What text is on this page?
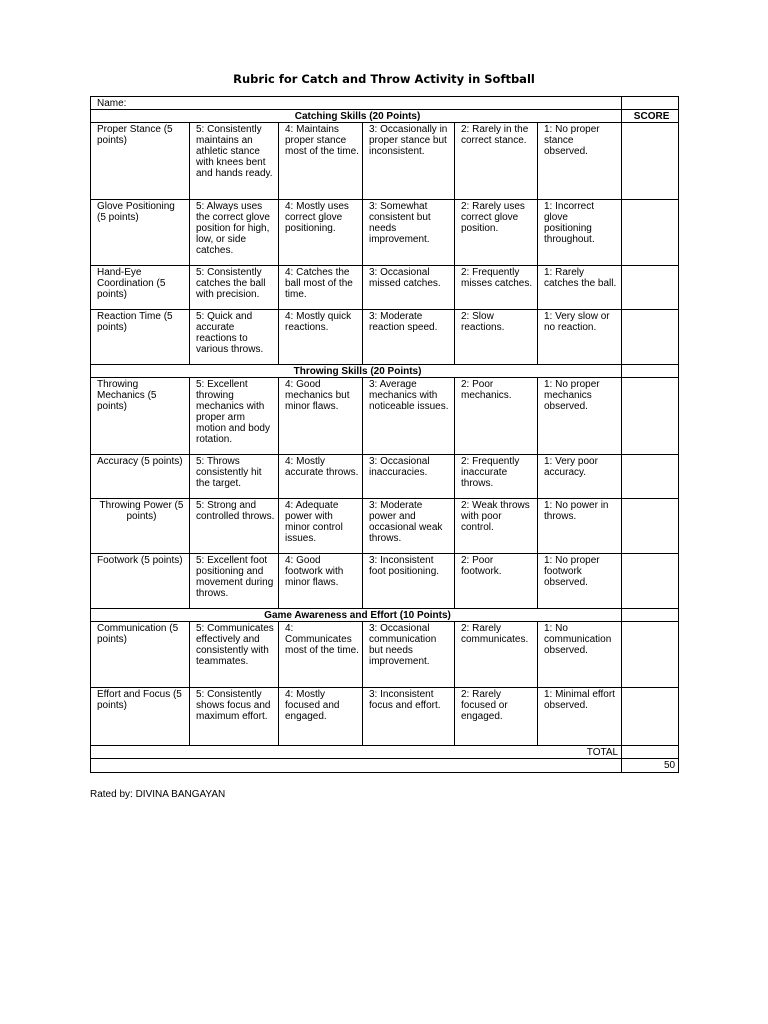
Rubric for Catch and Throw Activity in Softball
Name:						
Catching Skills (20 Points)						SCORE
Proper Stance (5 points)	5: Consistently maintains an athletic stance with knees bent and hands ready.	4: Maintains proper stance most of the time.	3: Occasionally in proper stance but inconsistent.	2: Rarely in the correct stance.	1: No proper stance observed.	
Glove Positioning (5 points)	5: Always uses the correct glove position for high, low, or side catches.	4: Mostly uses correct glove positioning.	3: Somewhat consistent but needs improvement.	2: Rarely uses correct glove position.	1: Incorrect glove positioning throughout.	
Hand-Eye Coordination (5 points)	5: Consistently catches the ball with precision.	4: Catches the ball most of the time.	3: Occasional missed catches.	2: Frequently misses catches.	1: Rarely catches the ball.	
Reaction Time (5 points)	5: Quick and accurate reactions to various throws.	4: Mostly quick reactions.	3: Moderate reaction speed.	2: Slow reactions.	1: Very slow or no reaction.	
Throwing Skills (20 Points)						
Throwing Mechanics (5 points)	5: Excellent throwing mechanics with proper arm motion and body rotation.	4: Good mechanics but minor flaws.	3: Average mechanics with noticeable issues.	2: Poor mechanics.	1: No proper mechanics observed.	
Accuracy (5 points)	5: Throws consistently hit the target.	4: Mostly accurate throws.	3: Occasional inaccuracies.	2: Frequently inaccurate throws.	1: Very poor accuracy.	
Throwing Power (5 points)	5: Strong and controlled throws.	4: Adequate power with minor control issues.	3: Moderate power and occasional weak throws.	2: Weak throws with poor control.	1: No power in throws.	
Footwork (5 points)	5: Excellent foot positioning and movement during throws.	4: Good footwork with minor flaws.	3: Inconsistent foot positioning.	2: Poor footwork.	1: No proper footwork observed.	
Game Awareness and Effort (10 Points)						
Communication (5 points)	5: Communicates effectively and consistently with teammates.	4: Communicates most of the time.	3: Occasional communication but needs improvement.	2: Rarely communicates.	1: No communication observed.	
Effort and Focus (5 points)	5: Consistently shows focus and maximum effort.	4: Mostly focused and engaged.	3: Inconsistent focus and effort.	2: Rarely focused or engaged.	1: Minimal effort observed.	
TOTAL						
						50
Rated by: DIVINA BANGAYAN
